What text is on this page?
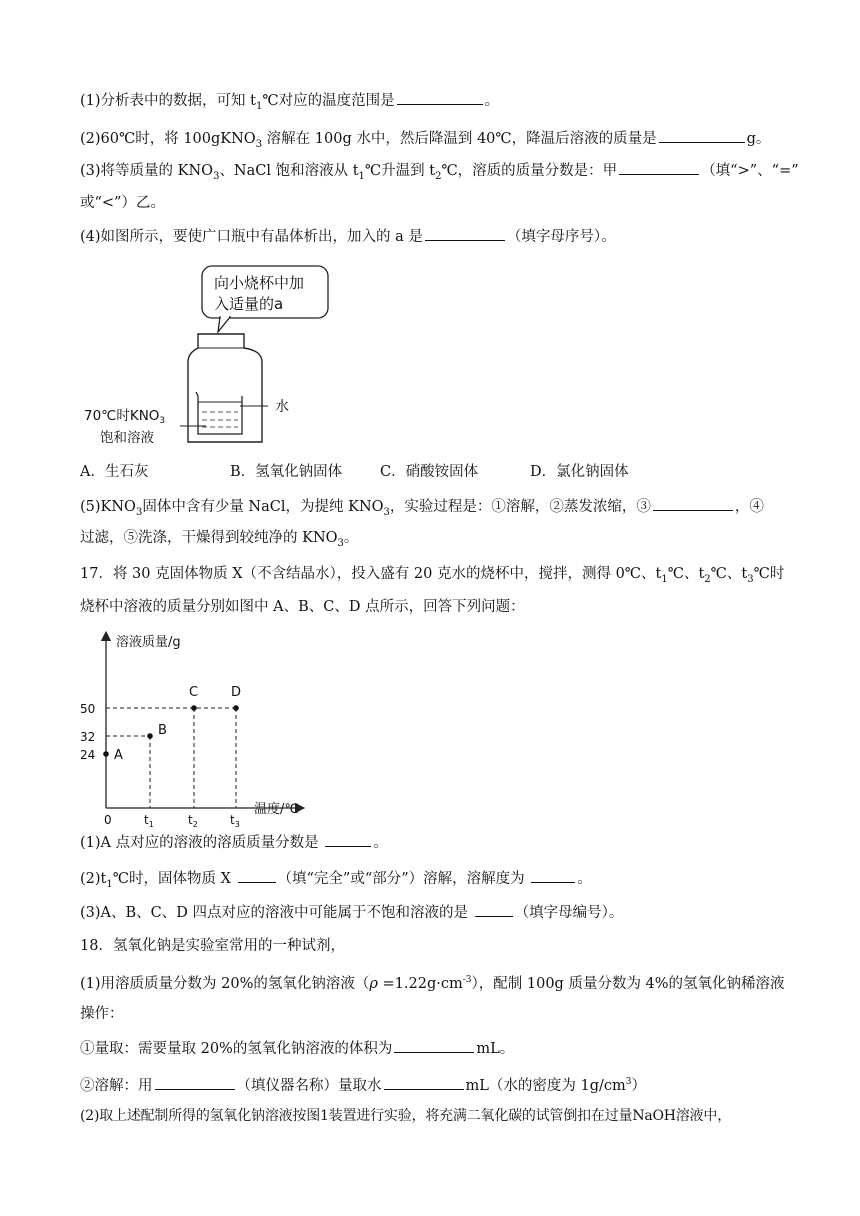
(1)分析表中的数据，可知 $t_1℃$对应的温度范围是	。
(2)60℃时，将 100gKNO$_3$ 溶解在 100g 水中，然后降温到 40℃，降温后溶液的质量是	g。
(3)将等质量的 $KNO_3$、NaCl 饱和溶液从 $t_1℃$升温到 $t_2℃$，溶质的质量分数是：甲	（填“>”、“=”
或“<”）乙。
(4)如图所示，要使广口瓶中有晶体析出，加入的 a 是	（填字母序号）。
向小烧杯中加
入适量的a
水
70℃时$KNO_3$
饱和溶液
A．生石灰	B．氢氧化钠固体	C．硝酸铵固体	D．氯化钠固体
$(5)KNO_3$固体中含有少量 NaCl，为提纯 $KNO_3$，实验过程是：①溶解，②蒸发浓缩，③	，④
过滤，⑤洗涤，干燥得到较纯净的 $KNO_3$。
17．将 30 克固体物质 X（不含结晶水），投入盛有 20 克水的烧杯中，搅拌，测得 0℃、$t_1℃$、$t_2℃$、$t_3℃$时
烧杯中溶液的质量分别如图中 A、B、C、D 点所示，回答下列问题：
溶液质量/g
温度/℃
0
24
32
50
$t_1$	$t_2$	$t_3$
A
B
C	D
(1)A 点对应的溶液的溶质质量分数是	。
$(2)t_1℃$时，固体物质 X	（填“完全”或“部分”）溶解，溶解度为	。
(3)A、B、C、D 四点对应的溶液中可能属于不饱和溶液的是	（填字母编号）。
18．氢氧化钠是实验室常用的一种试剂，
(1)用溶质质量分数为 20%的氢氧化钠溶液$(\rho =1.22g\cdot cm^{-3})$，配制 100g 质量分数为 4%的氢氧化钠稀溶液
操作：
①量取：需要量取 20%的氢氧化钠溶液的体积为	mL。
②溶解：用	（填仪器名称）量取水	mL（水的密度为 $1g/cm^3$）
(2)取上述配制所得的氢氧化钠溶液按图1装置进行实验，将充满二氧化碳的试管倒扣在过量NaOH溶液中，
